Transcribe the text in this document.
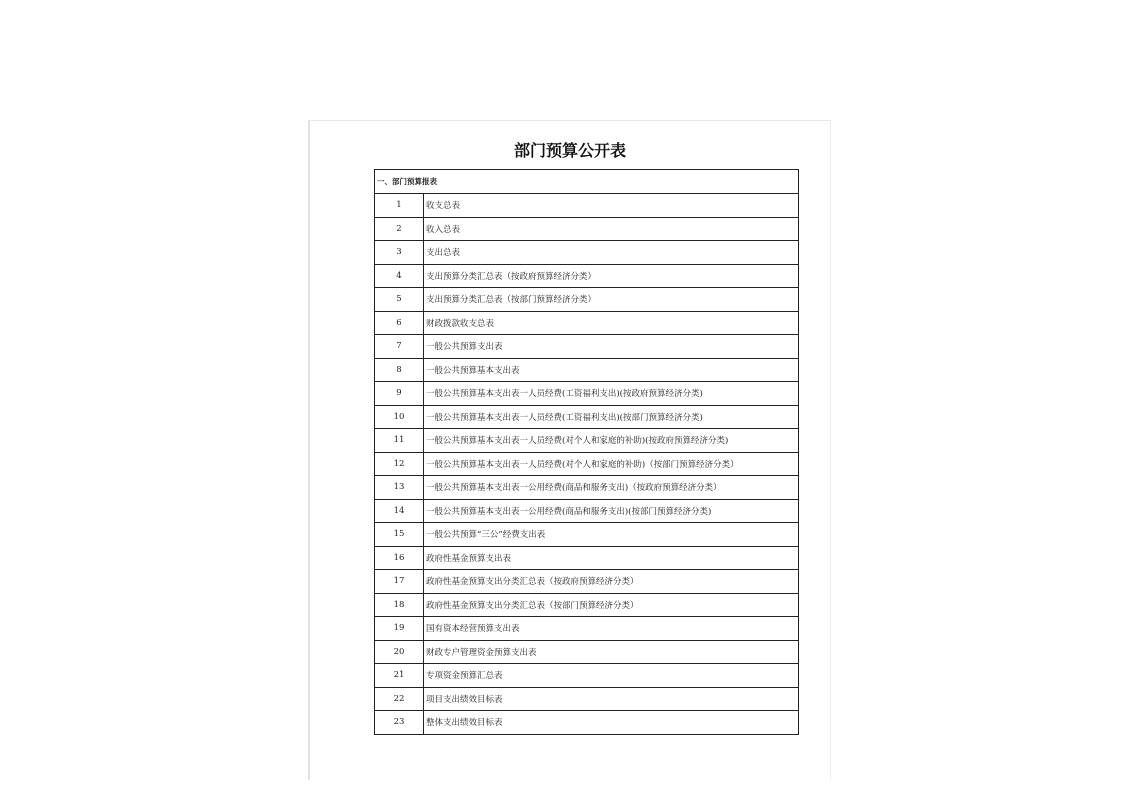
部门预算公开表
一、部门预算报表	
1	收支总表
2	收入总表
3	支出总表
4	支出预算分类汇总表（按政府预算经济分类）
5	支出预算分类汇总表（按部门预算经济分类）
6	财政拨款收支总表
7	一般公共预算支出表
8	一般公共预算基本支出表
9	一般公共预算基本支出表一人员经费(工资福利支出)(按政府预算经济分类)
10	一般公共预算基本支出表一人员经费(工资福利支出)(按部门预算经济分类)
11	一般公共预算基本支出表一人员经费(对个人和家庭的补助)(按政府预算经济分类)
12	一般公共预算基本支出表一人员经费(对个人和家庭的补助)（按部门预算经济分类）
13	一般公共预算基本支出表一公用经费(商品和服务支出)（按政府预算经济分类）
14	一般公共预算基本支出表一公用经费(商品和服务支出)(按部门预算经济分类)
15	一般公共预算“三公”经费支出表
16	政府性基金预算支出表
17	政府性基金预算支出分类汇总表（按政府预算经济分类）
18	政府性基金预算支出分类汇总表（按部门预算经济分类）
19	国有资本经营预算支出表
20	财政专户管理资金预算支出表
21	专项资金预算汇总表
22	项目支出绩效目标表
23	整体支出绩效目标表
